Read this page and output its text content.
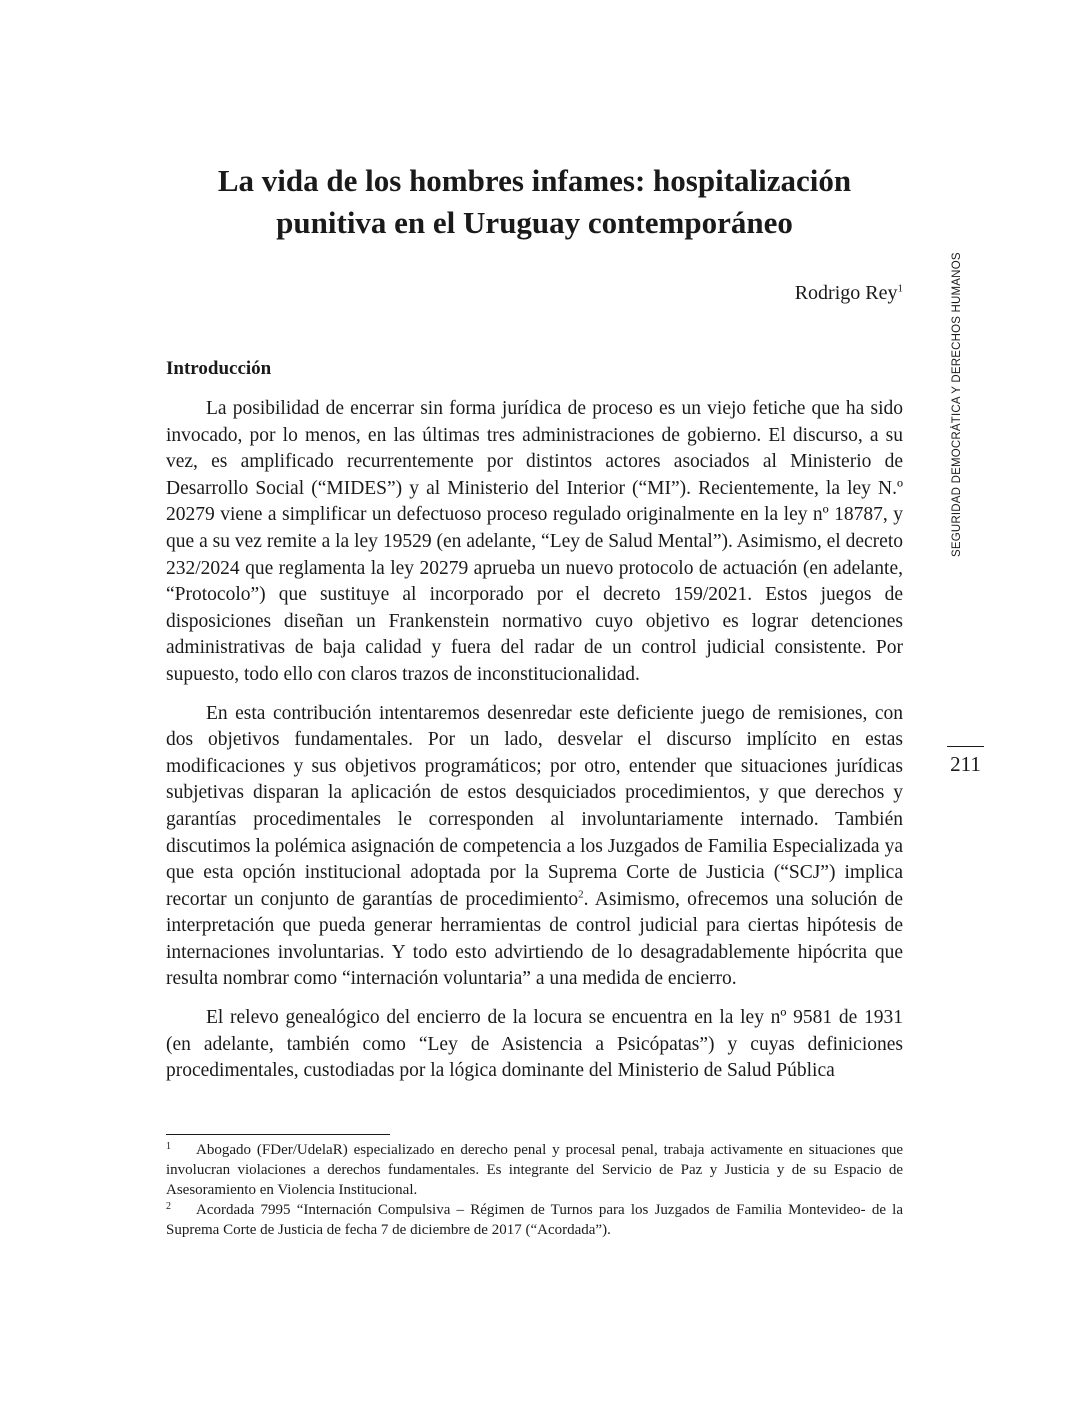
La vida de los hombres infames: hospitalización punitiva en el Uruguay contemporáneo
Rodrigo Rey$^1$
Introducción

La posibilidad de encerrar sin forma jurídica de proceso es un viejo fetiche que ha sido invocado, por lo menos, en las últimas tres administraciones de gobierno. El discurso, a su vez, es amplificado recurrentemente por distintos actores asociados al Ministerio de Desarrollo Social (“MIDES”) y al Ministerio del Interior (“MI”). Recientemente, la ley N.º 20279 viene a simplificar un defectuoso proceso regulado originalmente en la ley nº 18787, y que a su vez remite a la ley 19529 (en adelante, “Ley de Salud Mental”). Asimismo, el decreto 232/2024 que reglamenta la ley 20279 aprueba un nuevo protocolo de actuación (en adelante, “Protocolo”) que sustituye al incorporado por el decreto 159/2021. Estos juegos de disposiciones diseñan un Frankenstein normativo cuyo objetivo es lograr detenciones administrativas de baja calidad y fuera del radar de un control judicial consistente. Por supuesto, todo ello con claros trazos de inconstitucionalidad.

En esta contribución intentaremos desenredar este deficiente juego de remisiones, con dos objetivos fundamentales. Por un lado, desvelar el discurso implícito en estas modificaciones y sus objetivos programáticos; por otro, entender que situaciones jurídicas subjetivas disparan la aplicación de estos desquiciados procedimientos, y que derechos y garantías procedimentales le corresponden al involuntariamente internado. También discutimos la polémica asignación de competencia a los Juzgados de Familia Especializada ya que esta opción institucional adoptada por la Suprema Corte de Justicia (“SCJ”) implica recortar un conjunto de garantías de procedimiento$^2$. Asimismo, ofrecemos una solución de interpretación que pueda generar herramientas de control judicial para ciertas hipótesis de internaciones involuntarias. Y todo esto advirtiendo de lo desagradablemente hipócrita que resulta nombrar como “internación voluntaria” a una medida de encierro.

El relevo genealógico del encierro de la locura se encuentra en la ley nº 9581 de 1931 (en adelante, también como “Ley de Asistencia a Psicópatas”) y cuyas definiciones procedimentales, custodiadas por la lógica dominante del Ministerio de Salud Pública

1 Abogado (FDer/UdelaR) especializado en derecho penal y procesal penal, trabaja activamente en situaciones que involucran violaciones a derechos fundamentales. Es integrante del Servicio de Paz y Justicia y de su Espacio de Asesoramiento en Violencia Institucional.

2 Acordada 7995 “Internación Compulsiva – Régimen de Turnos para los Juzgados de Familia Montevideo- de la Suprema Corte de Justicia de fecha 7 de diciembre de 2017 (“Acordada”).

SEGURIDAD DEMOCRÁTICA Y DERECHOS HUMANOS
211
